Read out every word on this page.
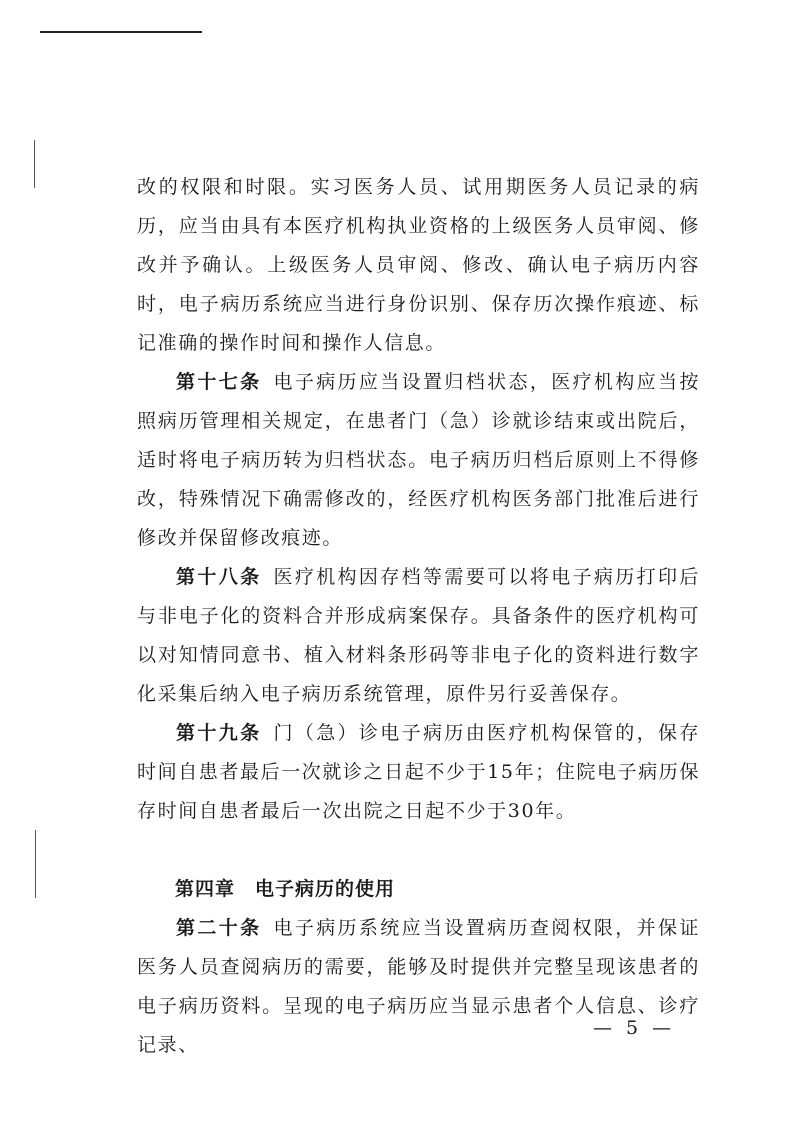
改的权限和时限。实习医务人员、试用期医务人员记录的病历，应当由具有本医疗机构执业资格的上级医务人员审阅、修改并予确认。上级医务人员审阅、修改、确认电子病历内容时，电子病历系统应当进行身份识别、保存历次操作痕迹、标记准确的操作时间和操作人信息。

第十七条 电子病历应当设置归档状态，医疗机构应当按照病历管理相关规定，在患者门（急）诊就诊结束或出院后，适时将电子病历转为归档状态。电子病历归档后原则上不得修改，特殊情况下确需修改的，经医疗机构医务部门批准后进行修改并保留修改痕迹。

第十八条 医疗机构因存档等需要可以将电子病历打印后与非电子化的资料合并形成病案保存。具备条件的医疗机构可以对知情同意书、植入材料条形码等非电子化的资料进行数字化采集后纳入电子病历系统管理，原件另行妥善保存。

第十九条 门（急）诊电子病历由医疗机构保管的，保存时间自患者最后一次就诊之日起不少于15年；住院电子病历保存时间自患者最后一次出院之日起不少于30年。

第四章　电子病历的使用

第二十条 电子病历系统应当设置病历查阅权限，并保证医务人员查阅病历的需要，能够及时提供并完整呈现该患者的电子病历资料。呈现的电子病历应当显示患者个人信息、诊疗记录、

— 5 —
